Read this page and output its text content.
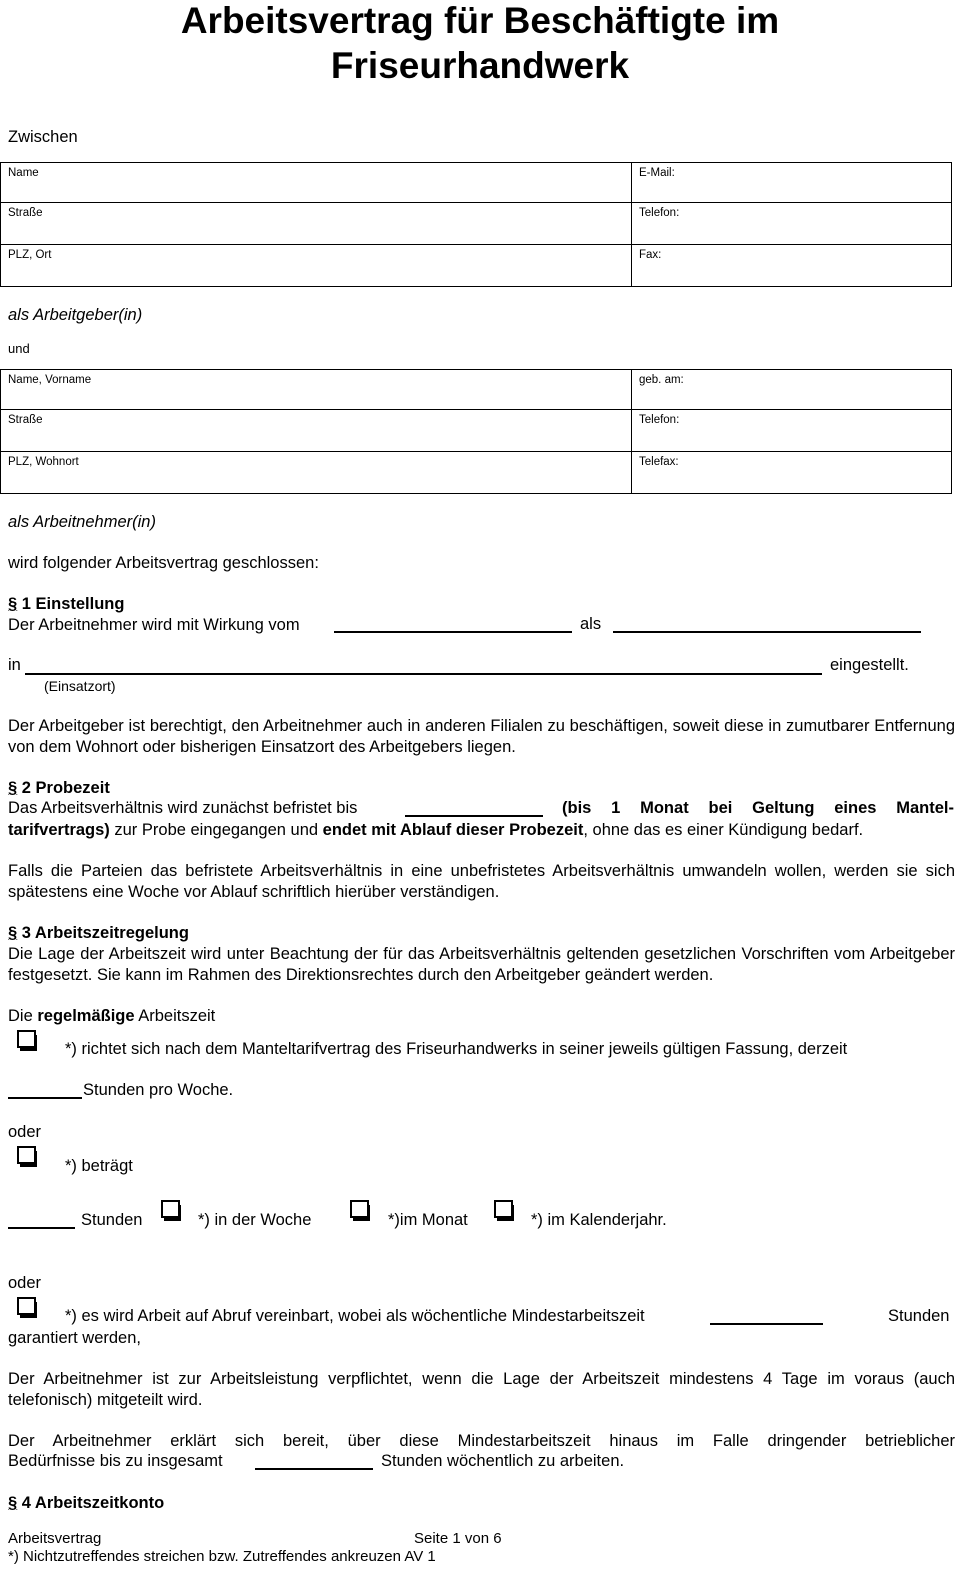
Arbeitsvertrag für Beschäftigte im
Friseurhandwerk
Zwischen
Name	E-Mail:
Straße	Telefon:
PLZ, Ort	Fax:
als Arbeitgeber(in)
und
Name, Vorname	geb. am:
Straße	Telefon:
PLZ, Wohnort	Telefax:
als Arbeitnehmer(in)
wird folgender Arbeitsvertrag geschlossen:
§ 1 Einstellung
Der Arbeitnehmer wird mit Wirkung vom	als
in	eingestellt.
(Einsatzort)
Der Arbeitgeber ist berechtigt, den Arbeitnehmer auch in anderen Filialen zu beschäftigen, soweit diese in zumutbarer Entfernung von dem Wohnort oder bisherigen Einsatzort des Arbeitgebers liegen.
§ 2 Probezeit
Das Arbeitsverhältnis wird zunächst befristet bis	(bis 1 Monat bei Geltung eines Mantel-
tarifvertrags) zur Probe eingegangen und endet mit Ablauf dieser Probezeit, ohne das es einer Kündigung bedarf.
Falls die Parteien das befristete Arbeitsverhältnis in eine unbefristetes Arbeitsverhältnis umwandeln wollen, werden sie sich spätestens eine Woche vor Ablauf schriftlich hierüber verständigen.
§ 3 Arbeitszeitregelung
Die Lage der Arbeitszeit wird unter Beachtung der für das Arbeitsverhältnis geltenden gesetzlichen Vorschriften vom Arbeitgeber festgesetzt. Sie kann im Rahmen des Direktionsrechtes durch den Arbeitgeber geändert werden.
Die regelmäßige Arbeitszeit
*) richtet sich nach dem Manteltarifvertrag des Friseurhandwerks in seiner jeweils gültigen Fassung, derzeit
Stunden pro Woche.
oder
*) beträgt
Stunden	*) in der Woche	*)im Monat	*) im Kalenderjahr.
oder
*) es wird Arbeit auf Abruf vereinbart, wobei als wöchentliche Mindestarbeitszeit	Stunden
garantiert werden,
Der Arbeitnehmer ist zur Arbeitsleistung verpflichtet, wenn die Lage der Arbeitszeit mindestens 4 Tage im voraus (auch telefonisch) mitgeteilt wird.
Der Arbeitnehmer erklärt sich bereit, über diese Mindestarbeitszeit hinaus im Falle dringender betrieblicher
Bedürfnisse bis zu insgesamt	Stunden wöchentlich zu arbeiten.
§ 4 Arbeitszeitkonto
Arbeitsvertrag	Seite 1 von 6
*) Nichtzutreffendes streichen bzw. Zutreffendes ankreuzen AV 1
